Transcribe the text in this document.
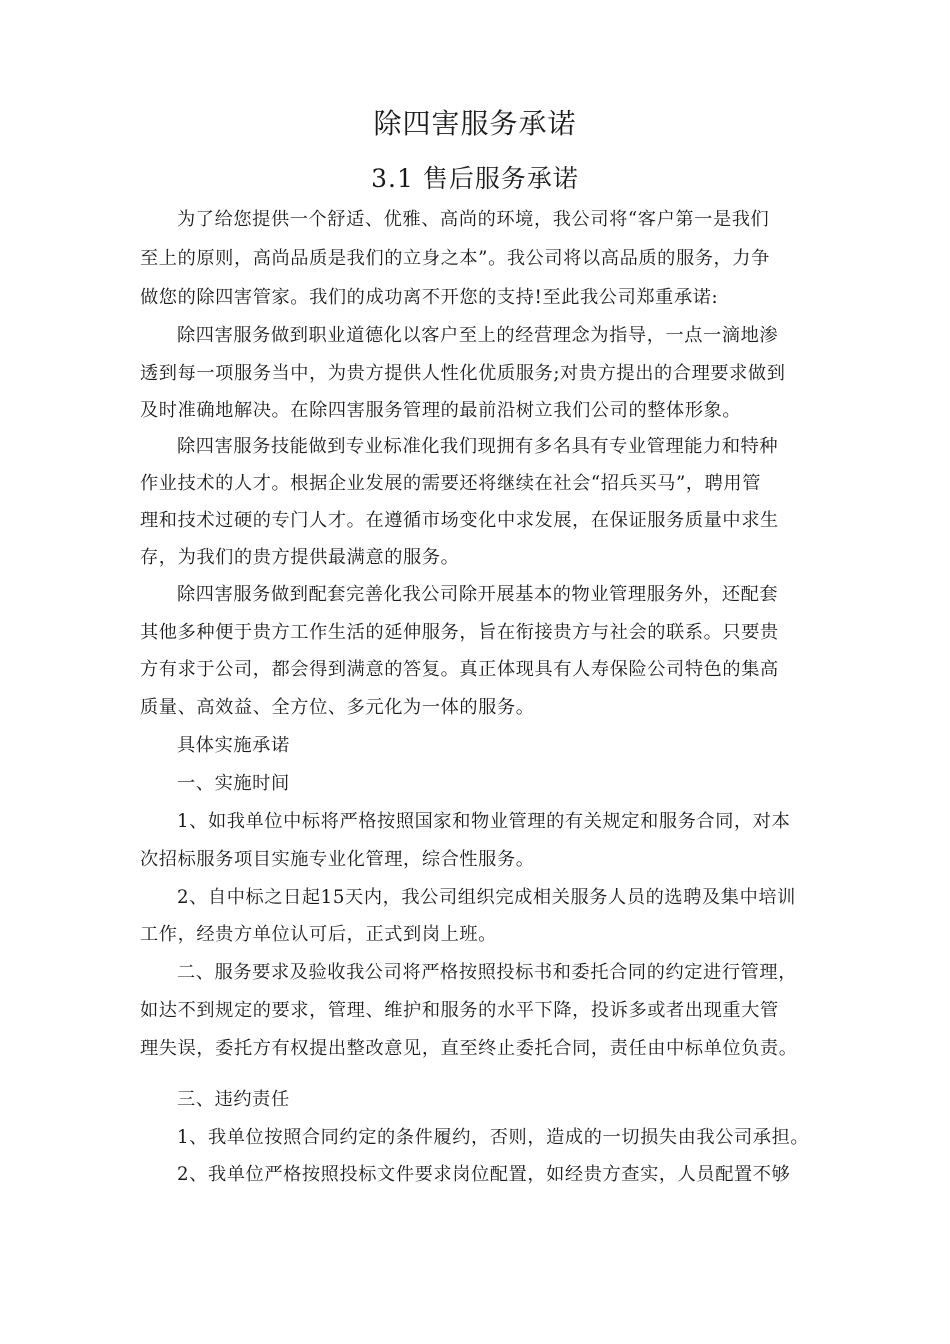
除四害服务承诺
3.1 售后服务承诺
为了给您提供一个舒适、优雅、高尚的环境，我公司将“客户第一是我们
至上的原则，高尚品质是我们的立身之本”。我公司将以高品质的服务，力争
做您的除四害管家。我们的成功离不开您的支持!至此我公司郑重承诺:
除四害服务做到职业道德化以客户至上的经营理念为指导，一点一滴地渗
透到每一项服务当中，为贵方提供人性化优质服务;对贵方提出的合理要求做到
及时准确地解决。在除四害服务管理的最前沿树立我们公司的整体形象。
除四害服务技能做到专业标准化我们现拥有多名具有专业管理能力和特种
作业技术的人才。根据企业发展的需要还将继续在社会“招兵买马”，聘用管
理和技术过硬的专门人才。在遵循市场变化中求发展，在保证服务质量中求生
存，为我们的贵方提供最满意的服务。
除四害服务做到配套完善化我公司除开展基本的物业管理服务外，还配套
其他多种便于贵方工作生活的延伸服务，旨在衔接贵方与社会的联系。只要贵
方有求于公司，都会得到满意的答复。真正体现具有人寿保险公司特色的集高
质量、高效益、全方位、多元化为一体的服务。
具体实施承诺
一、实施时间
1、如我单位中标将严格按照国家和物业管理的有关规定和服务合同，对本
次招标服务项目实施专业化管理，综合性服务。
2、自中标之日起15天内，我公司组织完成相关服务人员的选聘及集中培训
工作，经贵方单位认可后，正式到岗上班。
二、服务要求及验收我公司将严格按照投标书和委托合同的约定进行管理，
如达不到规定的要求，管理、维护和服务的水平下降，投诉多或者出现重大管
理失误，委托方有权提出整改意见，直至终止委托合同，责任由中标单位负责。
三、违约责任
1、我单位按照合同约定的条件履约，否则，造成的一切损失由我公司承担。
2、我单位严格按照投标文件要求岗位配置，如经贵方查实，人员配置不够
